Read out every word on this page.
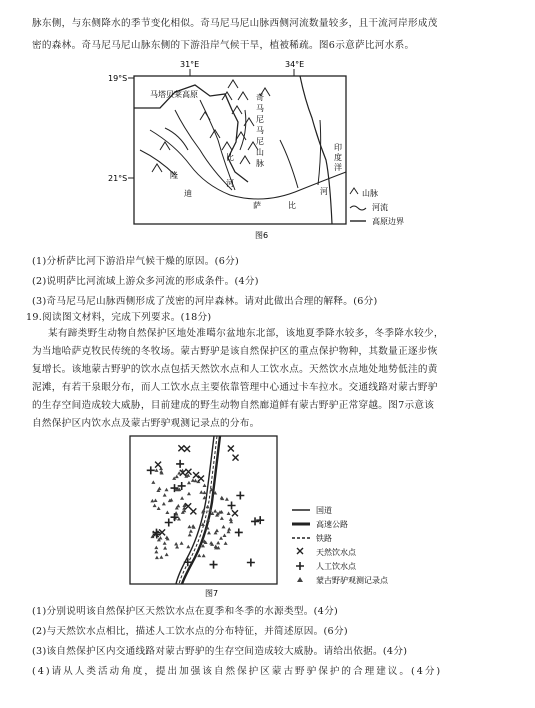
脉东侧，与东侧降水的季节变化相似。奇马尼马尼山脉西侧河流数量较多，且干流河岸形成茂
密的森林。奇马尼马尼山脉东侧的下游沿岸气候干旱，植被稀疏。图6示意萨比河水系。
31°E	34°E
19°S
21°S
马塔贝莱高原	奇
马
尼
马
尼
山
脉
印
度
洋
比
隆
迪
河
萨	比
河	山脉
河流
高原边界
图6
(1)分析萨比河下游沿岸气候干燥的原因。(6分)
(2)说明萨比河流域上游众多河流的形成条件。(4分)
(3)奇马尼马尼山脉西侧形成了茂密的河岸森林。请对此做出合理的解释。(6分)
19.阅读图文材料，完成下列要求。(18分)
某有蹄类野生动物自然保护区地处准噶尔盆地东北部，该地夏季降水较多，冬季降水较少，
为当地哈萨克牧民传统的冬牧场。蒙古野驴是该自然保护区的重点保护物种，其数量正逐步恢
复增长。该地蒙古野驴的饮水点包括天然饮水点和人工饮水点。天然饮水点地处地势低洼的黄
泥滩，有若干泉眼分布，而人工饮水点主要依靠管理中心通过卡车拉水。交通线路对蒙古野驴
的生存空间造成较大威胁，目前建成的野生动物自然廊道鲜有蒙古野驴正常穿越。图7示意该
自然保护区内饮水点及蒙古野驴观测记录点的分布。
国道
高速公路
铁路
天然饮水点
人工饮水点
蒙古野驴观测记录点
图7
(1)分别说明该自然保护区天然饮水点在夏季和冬季的水源类型。(4分)
(2)与天然饮水点相比，描述人工饮水点的分布特征，并简述原因。(6分)
(3)该自然保护区内交通线路对蒙古野驴的生存空间造成较大威胁。请给出依据。(4分)
(4)请从人类活动角度，提出加强该自然保护区蒙古野驴保护的合理建议。(4分)
